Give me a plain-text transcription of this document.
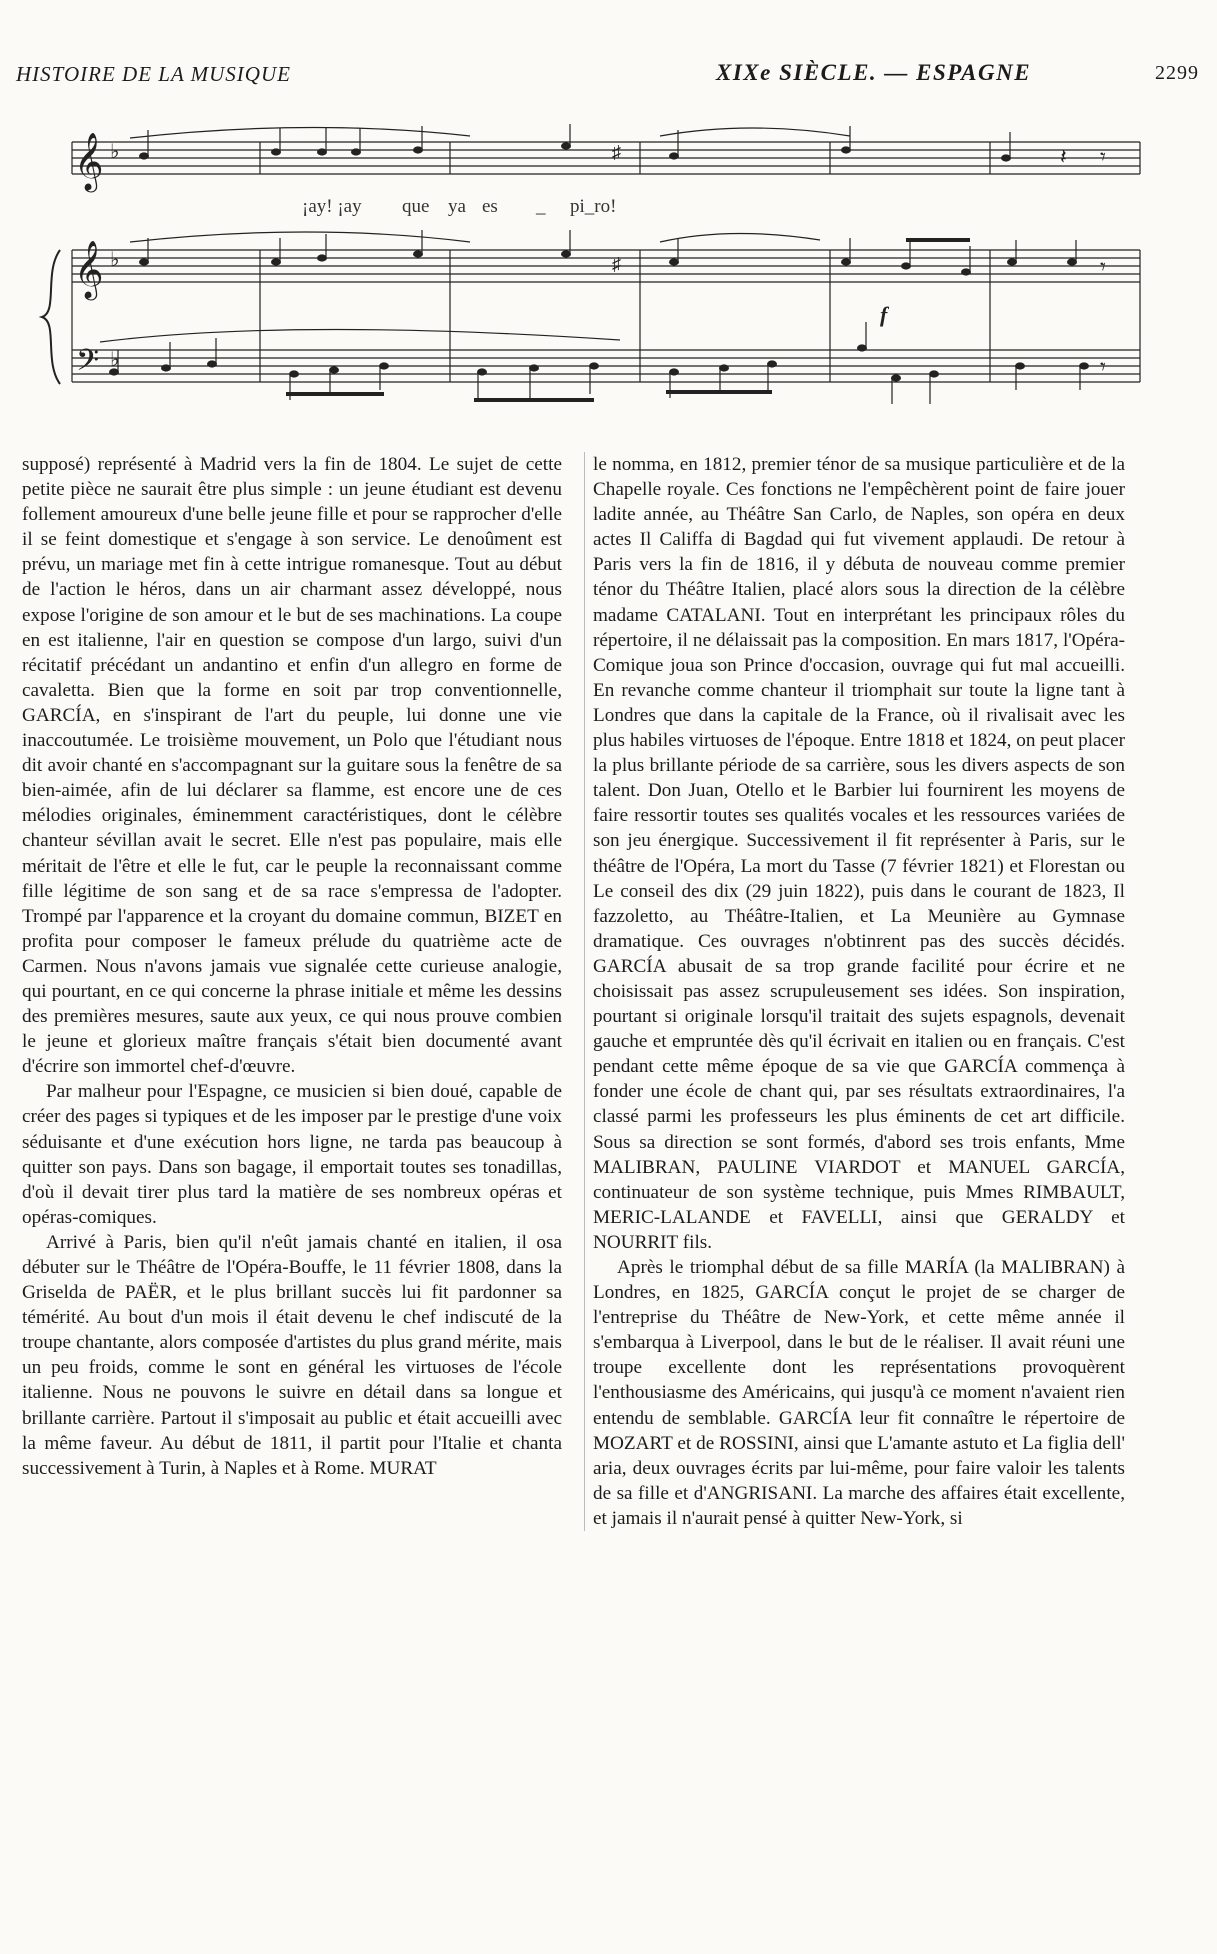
HISTOIRE DE LA MUSIQUE	XIXe SIÈCLE. — ESPAGNE	2299
𝄞
𝄞
𝄢
♭
♭
♭
♯
♯
𝄽 𝄾
𝄾
𝄾
¡ay! ¡ay que ya es _ pi_ro!
f

supposé) représenté à Madrid vers la fin de 1804. Le sujet de cette petite pièce ne saurait être plus simple : un jeune étudiant est devenu follement amoureux d'une belle jeune fille et pour se rapprocher d'elle il se feint domestique et s'engage à son service. Le denoûment est prévu, un mariage met fin à cette intrigue romanesque. Tout au début de l'action le héros, dans un air charmant assez développé, nous expose l'origine de son amour et le but de ses machinations. La coupe en est italienne, l'air en question se compose d'un largo, suivi d'un récitatif précédant un andantino et enfin d'un allegro en forme de cavaletta. Bien que la forme en soit par trop conventionnelle, GARCÍA, en s'inspirant de l'art du peuple, lui donne une vie inaccoutumée. Le troisième mouvement, un Polo que l'étudiant nous dit avoir chanté en s'accompagnant sur la guitare sous la fenêtre de sa bien-aimée, afin de lui déclarer sa flamme, est encore une de ces mélodies originales, éminemment caractéristiques, dont le célèbre chanteur sévillan avait le secret. Elle n'est pas populaire, mais elle méritait de l'être et elle le fut, car le peuple la reconnaissant comme fille légitime de son sang et de sa race s'empressa de l'adopter. Trompé par l'apparence et la croyant du domaine commun, BIZET en profita pour composer le fameux prélude du quatrième acte de Carmen. Nous n'avons jamais vue signalée cette curieuse analogie, qui pourtant, en ce qui concerne la phrase initiale et même les dessins des premières mesures, saute aux yeux, ce qui nous prouve combien le jeune et glorieux maître français s'était bien documenté avant d'écrire son immortel chef-d'œuvre.

Par malheur pour l'Espagne, ce musicien si bien doué, capable de créer des pages si typiques et de les imposer par le prestige d'une voix séduisante et d'une exécution hors ligne, ne tarda pas beaucoup à quitter son pays. Dans son bagage, il emportait toutes ses tonadillas, d'où il devait tirer plus tard la matière de ses nombreux opéras et opéras-comiques.

Arrivé à Paris, bien qu'il n'eût jamais chanté en italien, il osa débuter sur le Théâtre de l'Opéra-Bouffe, le 11 février 1808, dans la Griselda de PAËR, et le plus brillant succès lui fit pardonner sa témérité. Au bout d'un mois il était devenu le chef indiscuté de la troupe chantante, alors composée d'artistes du plus grand mérite, mais un peu froids, comme le sont en général les virtuoses de l'école italienne. Nous ne pouvons le suivre en détail dans sa longue et brillante carrière. Partout il s'imposait au public et était accueilli avec la même faveur. Au début de 1811, il partit pour l'Italie et chanta successivement à Turin, à Naples et à Rome. MURAT

le nomma, en 1812, premier ténor de sa musique particulière et de la Chapelle royale. Ces fonctions ne l'empêchèrent point de faire jouer ladite année, au Théâtre San Carlo, de Naples, son opéra en deux actes Il Califfa di Bagdad qui fut vivement applaudi. De retour à Paris vers la fin de 1816, il y débuta de nouveau comme premier ténor du Théâtre Italien, placé alors sous la direction de la célèbre madame CATALANI. Tout en interprétant les principaux rôles du répertoire, il ne délaissait pas la composition. En mars 1817, l'Opéra-Comique joua son Prince d'occasion, ouvrage qui fut mal accueilli. En revanche comme chanteur il triomphait sur toute la ligne tant à Londres que dans la capitale de la France, où il rivalisait avec les plus habiles virtuoses de l'époque. Entre 1818 et 1824, on peut placer la plus brillante période de sa carrière, sous les divers aspects de son talent. Don Juan, Otello et le Barbier lui fournirent les moyens de faire ressortir toutes ses qualités vocales et les ressources variées de son jeu énergique. Successivement il fit représenter à Paris, sur le théâtre de l'Opéra, La mort du Tasse (7 février 1821) et Florestan ou Le conseil des dix (29 juin 1822), puis dans le courant de 1823, Il fazzoletto, au Théâtre-Italien, et La Meunière au Gymnase dramatique. Ces ouvrages n'obtinrent pas des succès décidés. GARCÍA abusait de sa trop grande facilité pour écrire et ne choisissait pas assez scrupuleusement ses idées. Son inspiration, pourtant si originale lorsqu'il traitait des sujets espagnols, devenait gauche et empruntée dès qu'il écrivait en italien ou en français. C'est pendant cette même époque de sa vie que GARCÍA commença à fonder une école de chant qui, par ses résultats extraordinaires, l'a classé parmi les professeurs les plus éminents de cet art difficile. Sous sa direction se sont formés, d'abord ses trois enfants, Mme MALIBRAN, PAULINE VIARDOT et MANUEL GARCÍA, continuateur de son système technique, puis Mmes RIMBAULT, MERIC-LALANDE et FAVELLI, ainsi que GERALDY et NOURRIT fils.

Après le triomphal début de sa fille MARÍA (la MALIBRAN) à Londres, en 1825, GARCÍA conçut le projet de se charger de l'entreprise du Théâtre de New-York, et cette même année il s'embarqua à Liverpool, dans le but de le réaliser. Il avait réuni une troupe excellente dont les représentations provoquèrent l'enthousiasme des Américains, qui jusqu'à ce moment n'avaient rien entendu de semblable. GARCÍA leur fit connaître le répertoire de MOZART et de ROSSINI, ainsi que L'amante astuto et La figlia dell' aria, deux ouvrages écrits par lui-même, pour faire valoir les talents de sa fille et d'ANGRISANI. La marche des affaires était excellente, et jamais il n'aurait pensé à quitter New-York, si
